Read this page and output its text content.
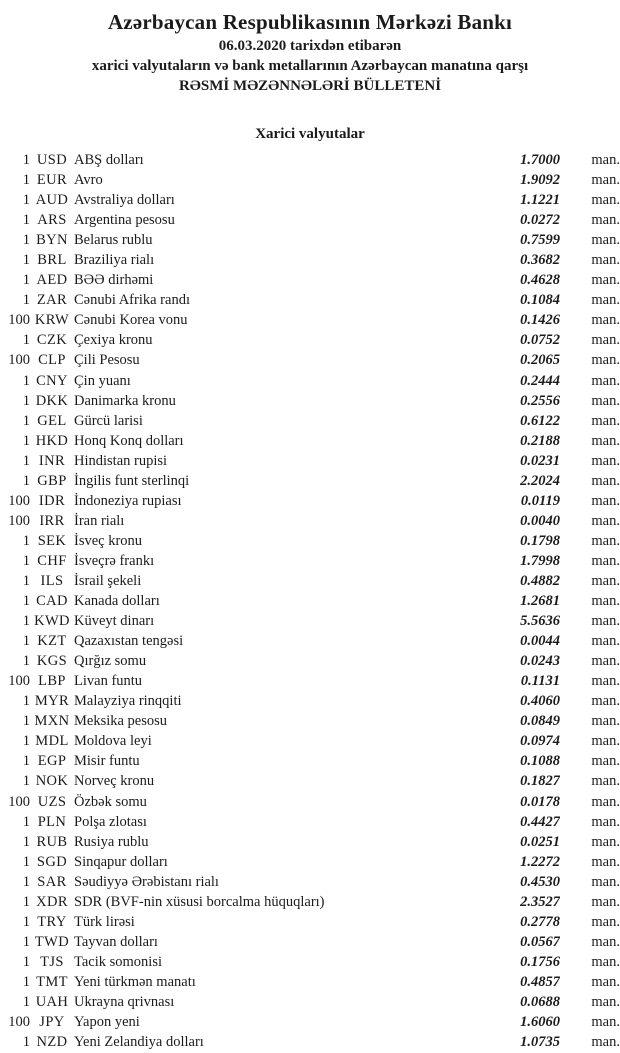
Azərbaycan Respublikasının Mərkəzi Bankı
06.03.2020 tarixdən etibarən
xarici valyutaların və bank metallarının Azərbaycan manatına qarşı
RƏSMİ MƏZƏNNƏLƏRİ BÜLLETENİ
Xarici valyutalar
1	USD	ABŞ dolları	1.7000	man.
1	EUR	Avro	1.9092	man.
1	AUD	Avstraliya dolları	1.1221	man.
1	ARS	Argentina pesosu	0.0272	man.
1	BYN	Belarus rublu	0.7599	man.
1	BRL	Braziliya rialı	0.3682	man.
1	AED	BƏƏ dirhəmi	0.4628	man.
1	ZAR	Cənubi Afrika randı	0.1084	man.
100	KRW	Cənubi Korea vonu	0.1426	man.
1	CZK	Çexiya kronu	0.0752	man.
100	CLP	Çili Pesosu	0.2065	man.
1	CNY	Çin yuanı	0.2444	man.
1	DKK	Danimarka kronu	0.2556	man.
1	GEL	Gürcü larisi	0.6122	man.
1	HKD	Honq Konq dolları	0.2188	man.
1	INR	Hindistan rupisi	0.0231	man.
1	GBP	İngilis funt sterlinqi	2.2024	man.
100	IDR	İndoneziya rupiası	0.0119	man.
100	IRR	İran rialı	0.0040	man.
1	SEK	İsveç kronu	0.1798	man.
1	CHF	İsveçrə frankı	1.7998	man.
1	ILS	İsrail şekeli	0.4882	man.
1	CAD	Kanada dolları	1.2681	man.
1	KWD	Küveyt dinarı	5.5636	man.
1	KZT	Qazaxıstan tengəsi	0.0044	man.
1	KGS	Qırğız somu	0.0243	man.
100	LBP	Livan funtu	0.1131	man.
1	MYR	Malayziya rinqqiti	0.4060	man.
1	MXN	Meksika pesosu	0.0849	man.
1	MDL	Moldova leyi	0.0974	man.
1	EGP	Misir funtu	0.1088	man.
1	NOK	Norveç kronu	0.1827	man.
100	UZS	Özbək somu	0.0178	man.
1	PLN	Polşa zlotası	0.4427	man.
1	RUB	Rusiya rublu	0.0251	man.
1	SGD	Sinqapur dolları	1.2272	man.
1	SAR	Səudiyyə Ərəbistanı rialı	0.4530	man.
1	XDR	SDR (BVF-nin xüsusi borcalma hüquqları)	2.3527	man.
1	TRY	Türk lirəsi	0.2778	man.
1	TWD	Tayvan dolları	0.0567	man.
1	TJS	Tacik somonisi	0.1756	man.
1	TMT	Yeni türkmən manatı	0.4857	man.
1	UAH	Ukrayna qrivnası	0.0688	man.
100	JPY	Yapon yeni	1.6060	man.
1	NZD	Yeni Zelandiya dolları	1.0735	man.
